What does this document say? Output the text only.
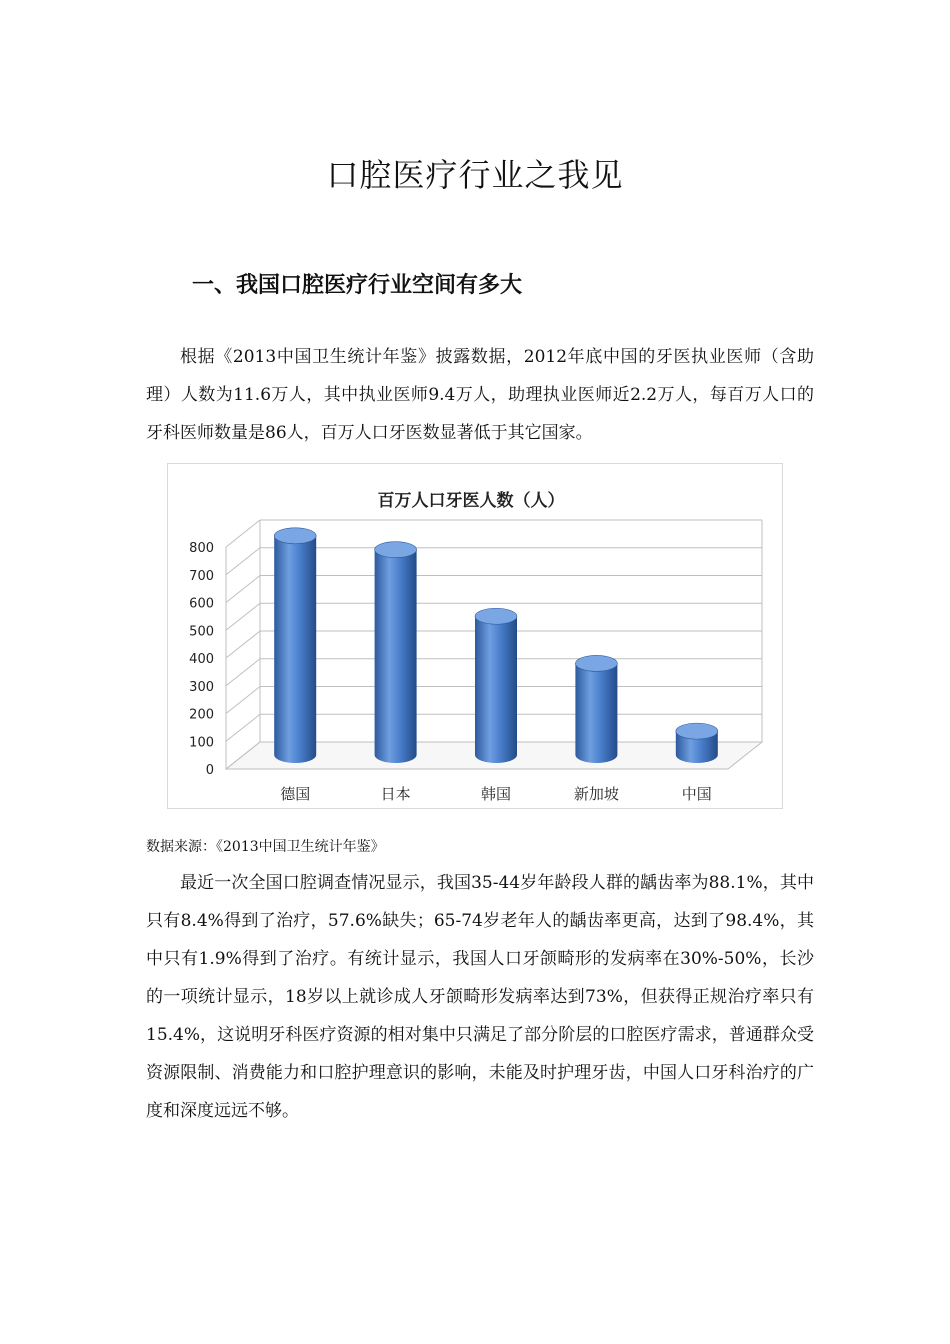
口腔医疗行业之我见
一、我国口腔医疗行业空间有多大

根据《2013中国卫生统计年鉴》披露数据，2012年底中国的牙医执业医师（含助理）人数为11.6万人，其中执业医师9.4万人，助理执业医师近2.2万人，每百万人口的牙科医师数量是86人，百万人口牙医数显著低于其它国家。

百万人口牙医人数（人）
0
100
200
300
400
500
600
700
800
德国	日本	韩国	新加坡	中国

数据来源：《2013中国卫生统计年鉴》

最近一次全国口腔调查情况显示，我国35-44岁年龄段人群的龋齿率为88.1%，其中只有8.4%得到了治疗，57.6%缺失；65-74岁老年人的龋齿率更高，达到了98.4%，其中只有1.9%得到了治疗。有统计显示，我国人口牙颌畸形的发病率在30%-50%，长沙的一项统计显示，18岁以上就诊成人牙颌畸形发病率达到73%，但获得正规治疗率只有15.4%，这说明牙科医疗资源的相对集中只满足了部分阶层的口腔医疗需求，普通群众受资源限制、消费能力和口腔护理意识的影响，未能及时护理牙齿，中国人口牙科治疗的广度和深度远远不够。
